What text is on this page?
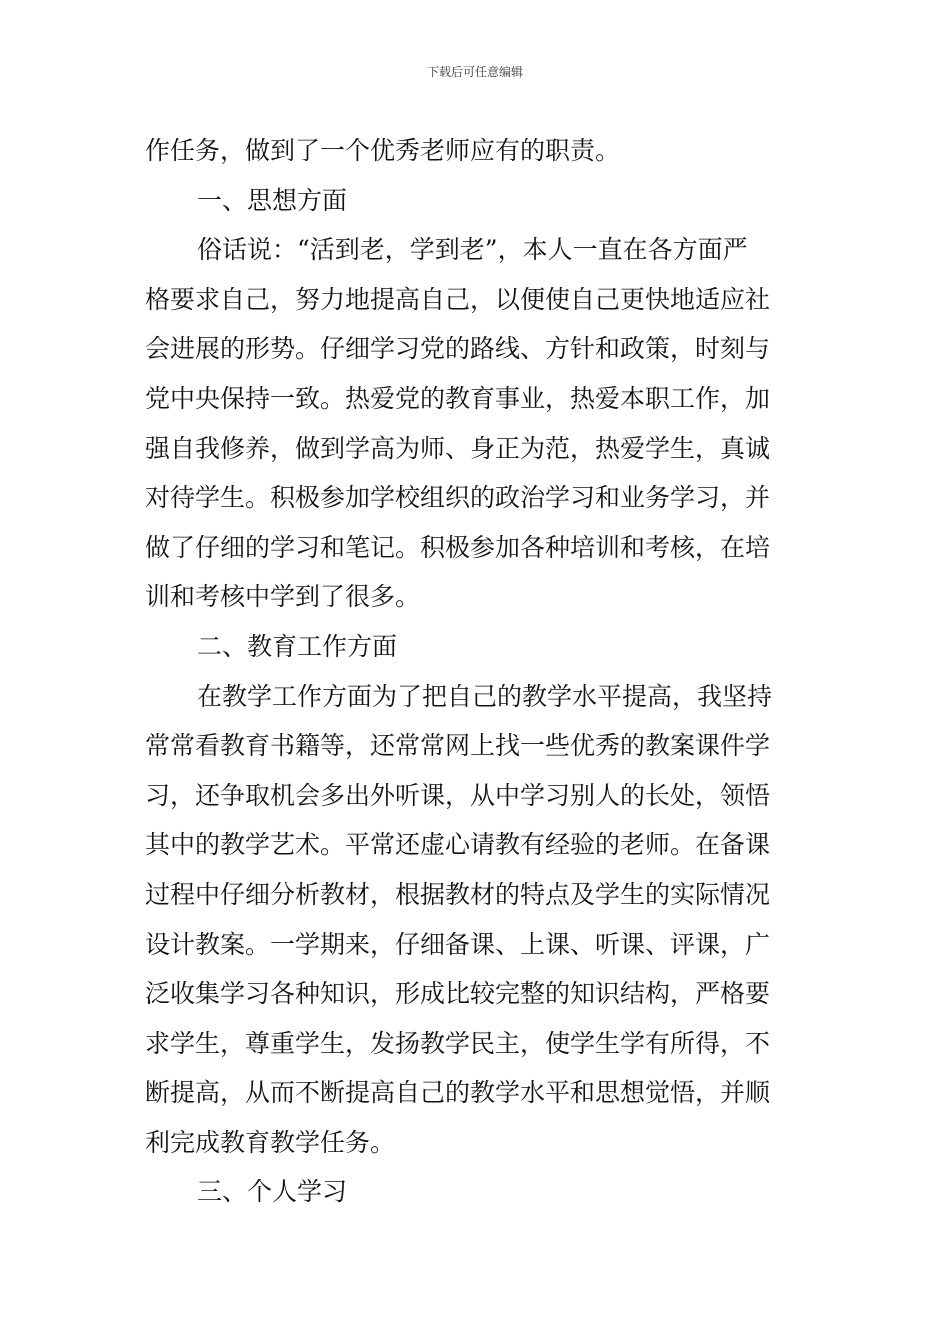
下载后可任意编辑
作任务，做到了一个优秀老师应有的职责。
一、思想方面
俗话说：“活到老，学到老”，本人一直在各方面严
格要求自己，努力地提高自己，以便使自己更快地适应社
会进展的形势。仔细学习党的路线、方针和政策，时刻与
党中央保持一致。热爱党的教育事业，热爱本职工作，加
强自我修养，做到学高为师、身正为范，热爱学生，真诚
对待学生。积极参加学校组织的政治学习和业务学习，并
做了仔细的学习和笔记。积极参加各种培训和考核，在培
训和考核中学到了很多。
二、教育工作方面
在教学工作方面为了把自己的教学水平提高，我坚持
常常看教育书籍等，还常常网上找一些优秀的教案课件学
习，还争取机会多出外听课，从中学习别人的长处，领悟
其中的教学艺术。平常还虚心请教有经验的老师。在备课
过程中仔细分析教材，根据教材的特点及学生的实际情况
设计教案。一学期来，仔细备课、上课、听课、评课，广
泛收集学习各种知识，形成比较完整的知识结构，严格要
求学生，尊重学生，发扬教学民主，使学生学有所得，不
断提高，从而不断提高自己的教学水平和思想觉悟，并顺
利完成教育教学任务。
三、个人学习
